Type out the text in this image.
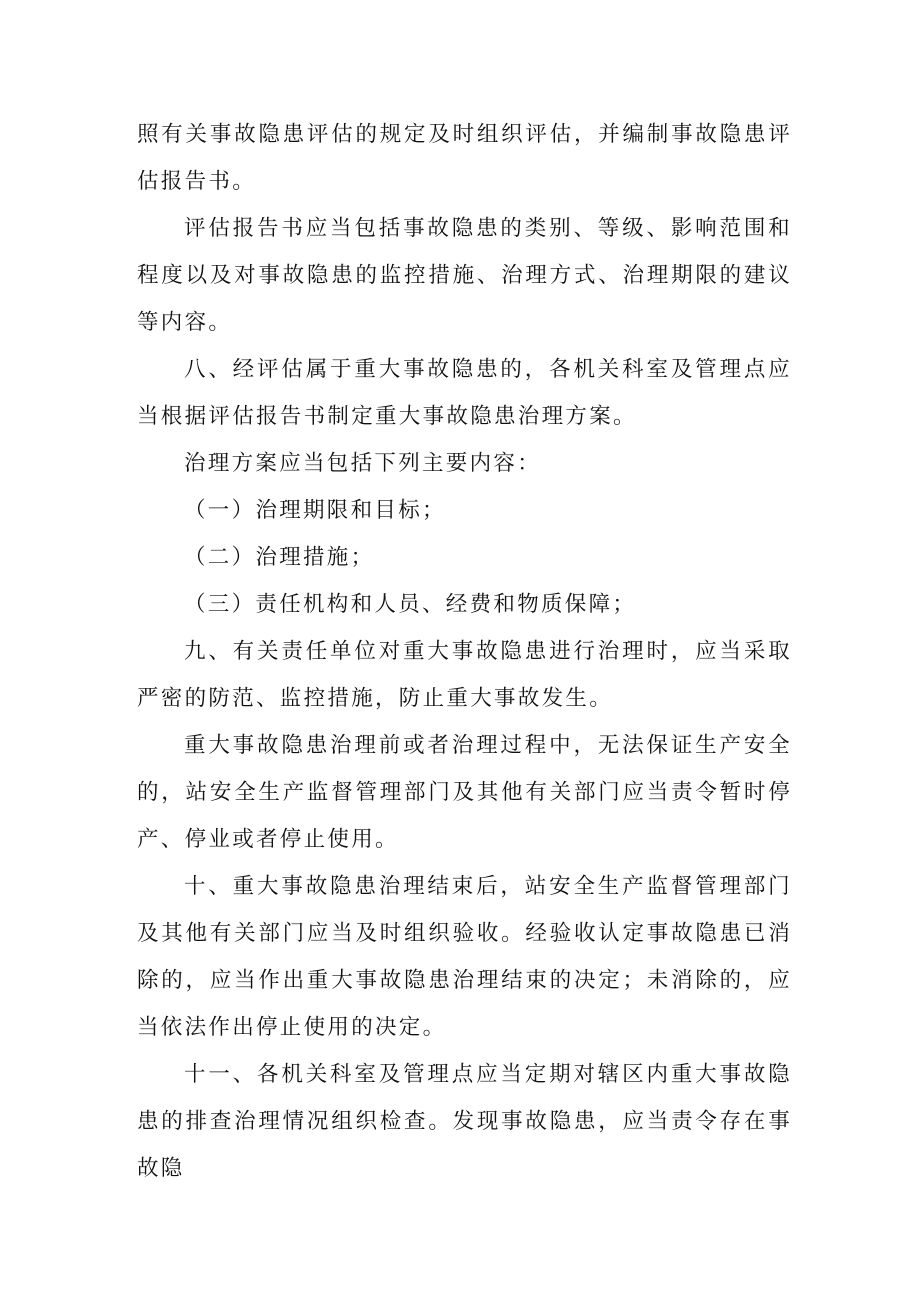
照有关事故隐患评估的规定及时组织评估，并编制事故隐患评估报告书。

评估报告书应当包括事故隐患的类别、等级、影响范围和程度以及对事故隐患的监控措施、治理方式、治理期限的建议等内容。

八、经评估属于重大事故隐患的，各机关科室及管理点应当根据评估报告书制定重大事故隐患治理方案。

治理方案应当包括下列主要内容：

（一）治理期限和目标；

（二）治理措施；

（三）责任机构和人员、经费和物质保障；

九、有关责任单位对重大事故隐患进行治理时，应当采取严密的防范、监控措施，防止重大事故发生。

重大事故隐患治理前或者治理过程中，无法保证生产安全的，站安全生产监督管理部门及其他有关部门应当责令暂时停产、停业或者停止使用。

十、重大事故隐患治理结束后，站安全生产监督管理部门及其他有关部门应当及时组织验收。经验收认定事故隐患已消除的，应当作出重大事故隐患治理结束的决定；未消除的，应当依法作出停止使用的决定。

十一、各机关科室及管理点应当定期对辖区内重大事故隐患的排查治理情况组织检查。发现事故隐患，应当责令存在事故隐
